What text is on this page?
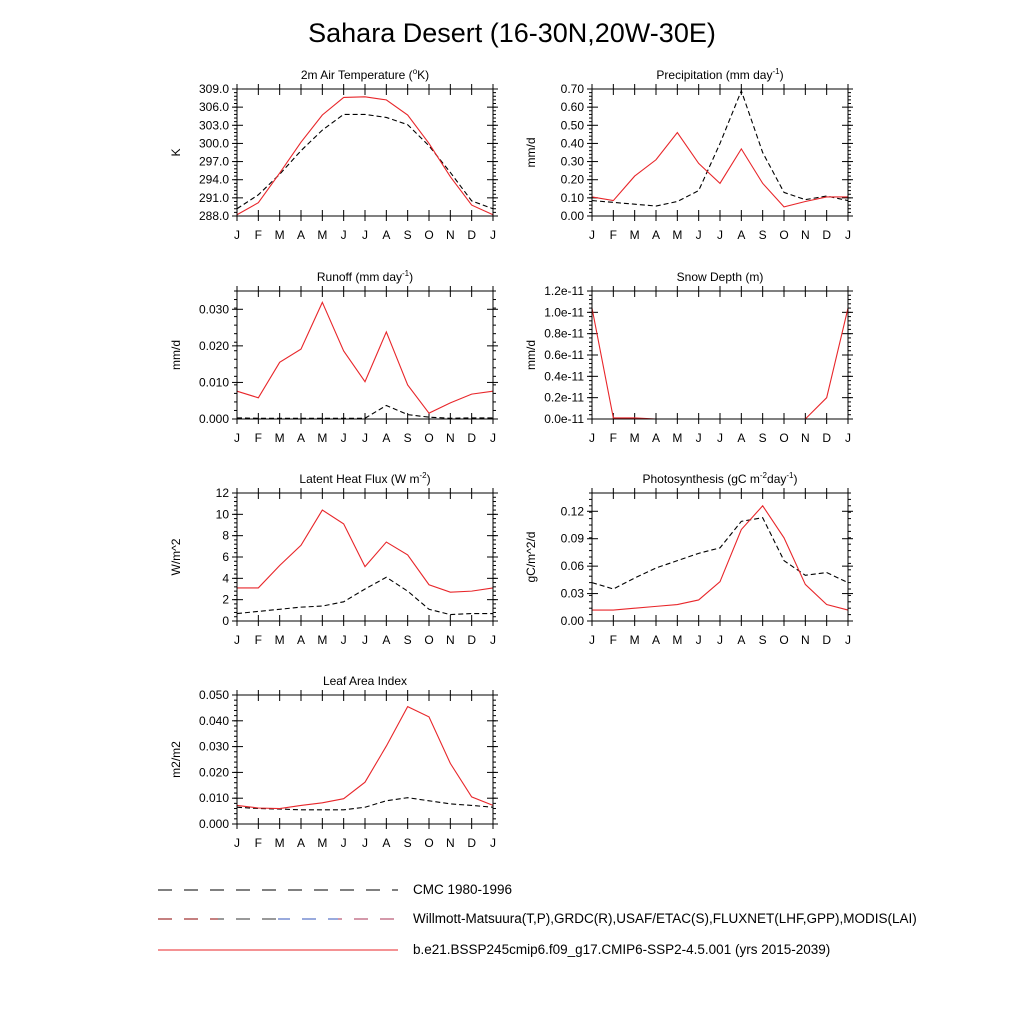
Sahara Desert (16-30N,20W-30E)
2m Air Temperature ($^o$K)
K
288.0
291.0
294.0
297.0
300.0
303.0
306.0
309.0
J F M A M J J A S O N D J
Precipitation (mm day$^{-1}$)
mm/d
0.00
0.10
0.20
0.30
0.40
0.50
0.60
0.70
J F M A M J J A S O N D J
Runoff (mm day$^{-1}$)
mm/d
0.000
0.010
0.020
0.030
J F M A M J J A S O N D J
Snow Depth (m)
mm/d
0.0e-11
0.2e-11
0.4e-11
0.6e-11
0.8e-11
1.0e-11
1.2e-11
J F M A M J J A S O N D J
Latent Heat Flux (W $m^{-2}$)
W/m^2
0
2
4
6
8
10
12
J F M A M J J A S O N D J
Photosynthesis (gC $m^{-2}day^{-1}$)
gC/m^2/d
0.00
0.03
0.06
0.09
0.12
J F M A M J J A S O N D J
Leaf Area Index
m2/m2
0.000
0.010
0.020
0.030
0.040
0.050
J F M A M J J A S O N D J
CMC 1980-1996
Willmott-Matsuura(T,P),GRDC(R),USAF/ETAC(S),FLUXNET(LHF,GPP),MODIS(LAI)
b.e21.BSSP245cmip6.f09_g17.CMIP6-SSP2-4.5.001 (yrs 2015-2039)
